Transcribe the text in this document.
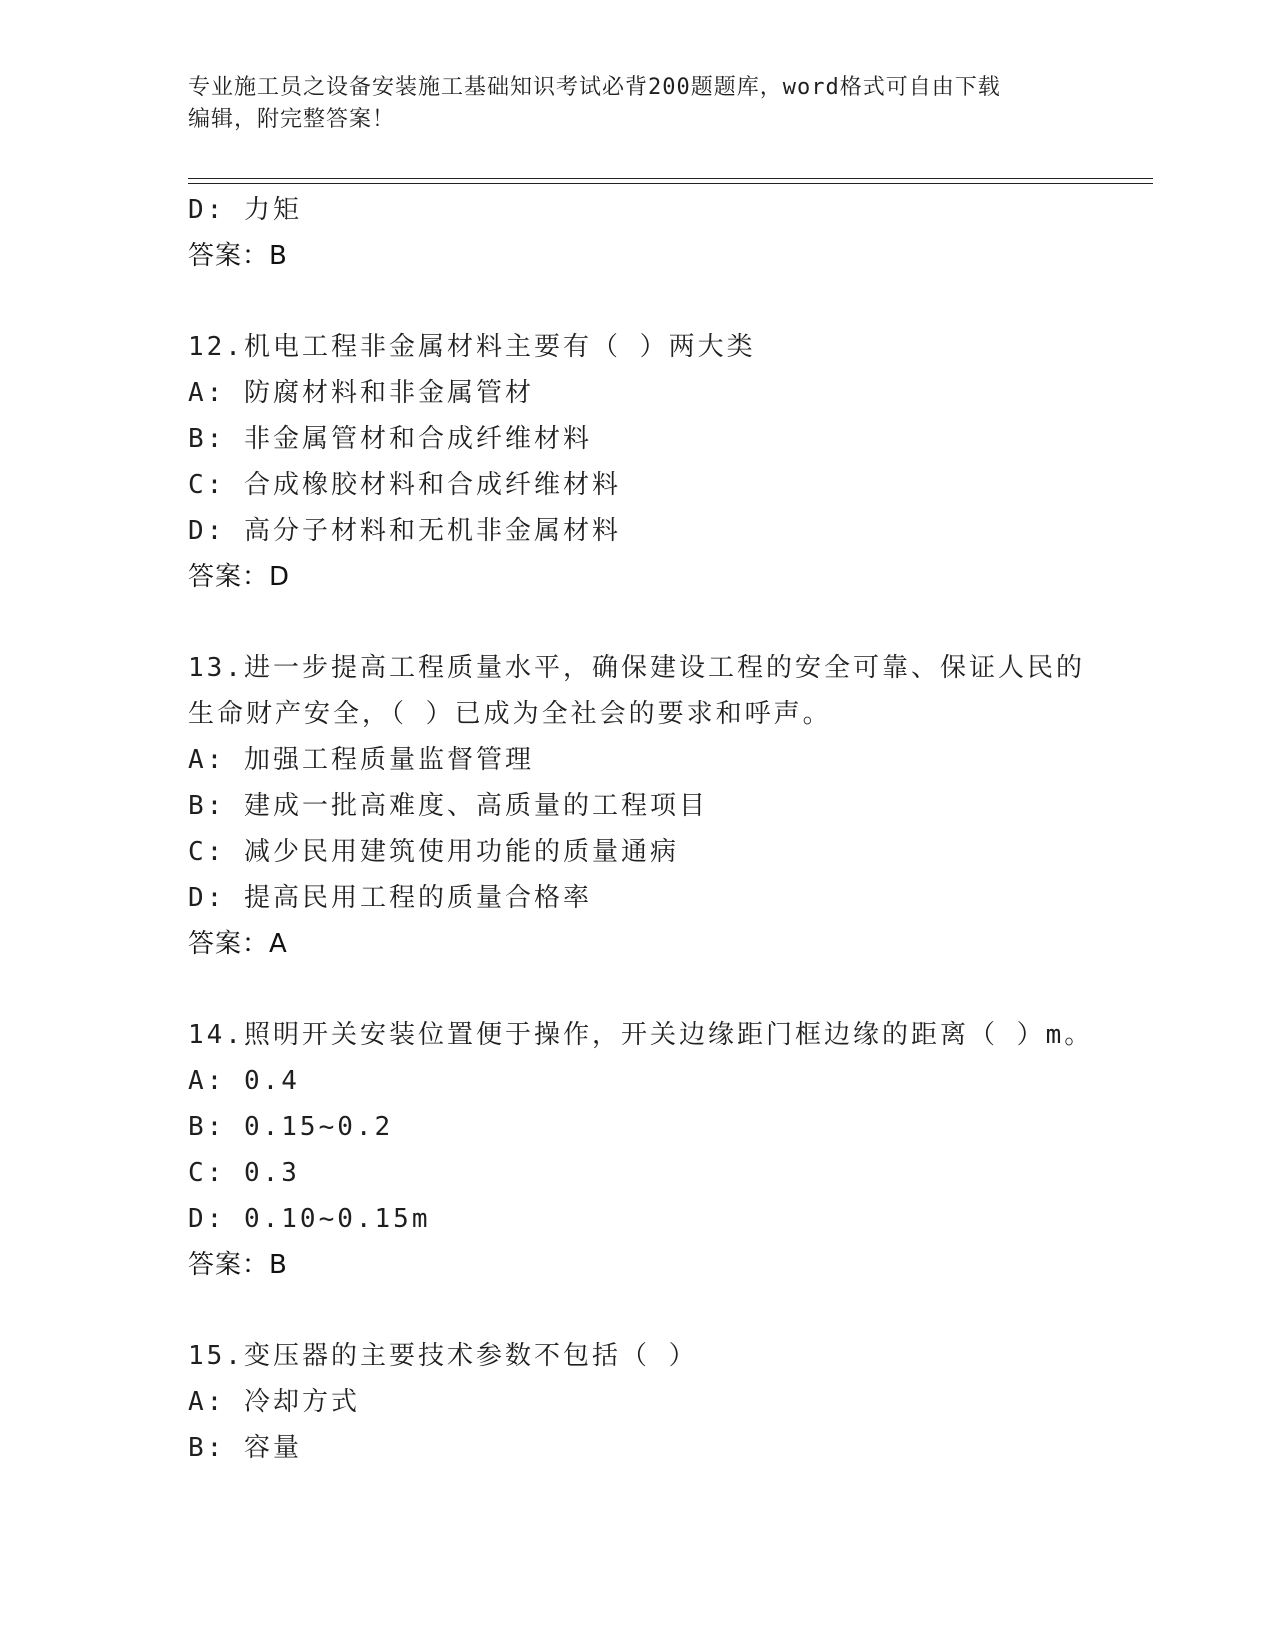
专业施工员之设备安装施工基础知识考试必背200题题库，word格式可自由下载
编辑，附完整答案！
D: 力矩
答案：B
12.机电工程非金属材料主要有（ ）两大类
A: 防腐材料和非金属管材
B: 非金属管材和合成纤维材料
C: 合成橡胶材料和合成纤维材料
D: 高分子材料和无机非金属材料
答案：D
13.进一步提高工程质量水平，确保建设工程的安全可靠、保证人民的
生命财产安全，（ ）已成为全社会的要求和呼声。
A: 加强工程质量监督管理
B: 建成一批高难度、高质量的工程项目
C: 减少民用建筑使用功能的质量通病
D: 提高民用工程的质量合格率
答案：A
14.照明开关安装位置便于操作，开关边缘距门框边缘的距离（ ）m。
A: 0.4
B: 0.15~0.2
C: 0.3
D: 0.10~0.15m
答案：B
15.变压器的主要技术参数不包括（ ）
A: 冷却方式
B: 容量
